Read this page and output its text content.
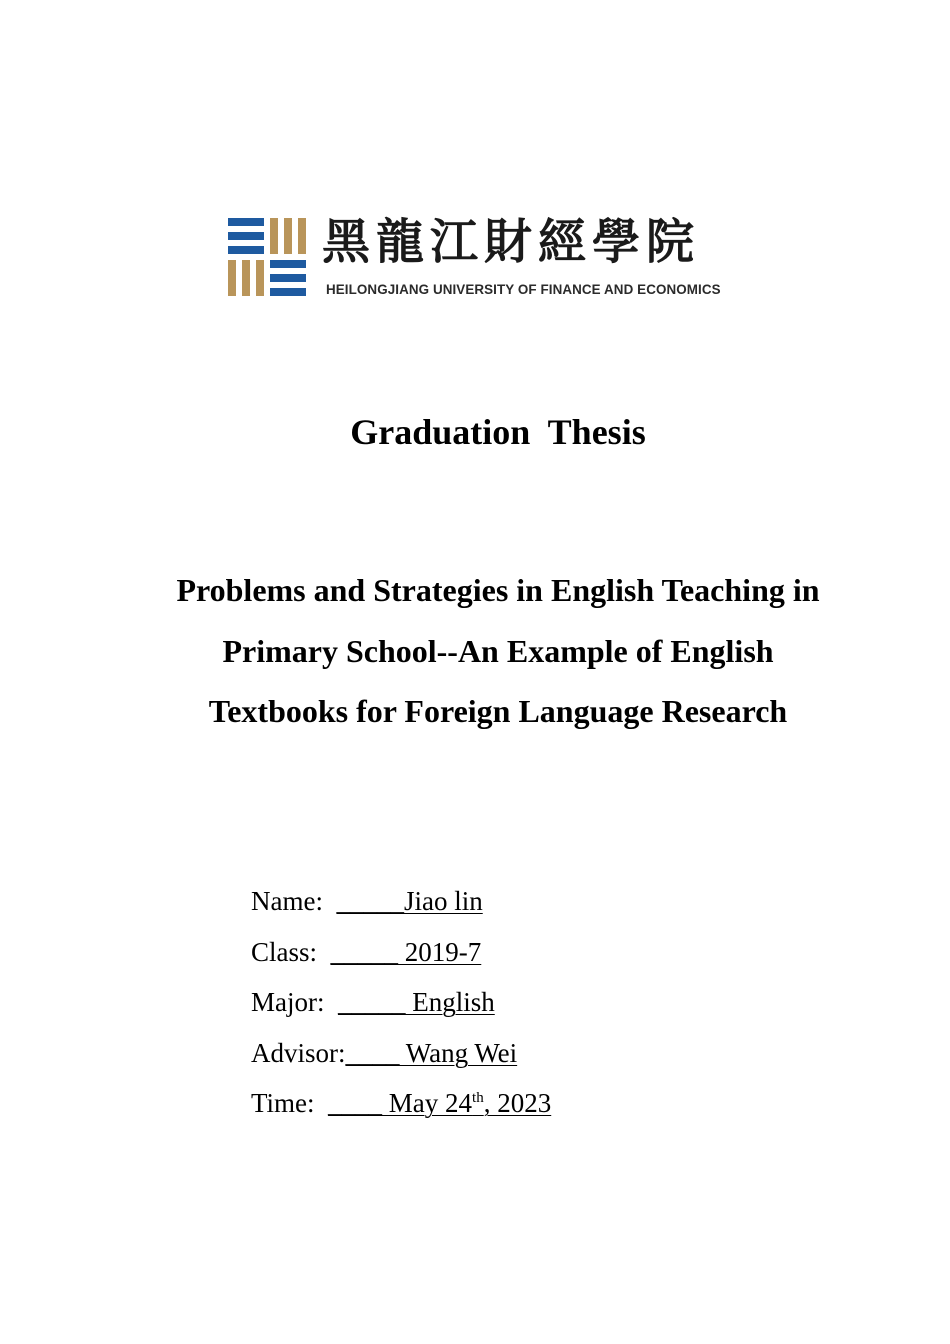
黑龍江財經學院
HEILONGJIANG UNIVERSITY OF FINANCE AND ECONOMICS
Graduation  Thesis
Problems and Strategies in English Teaching in
Primary School--An Example of English
Textbooks for Foreign Language Research
Name:  _____Jiao lin
Class:  _____ 2019-7
Major:  _____ English
Advisor:____ Wang Wei
Time:  ____ May 24th, 2023
